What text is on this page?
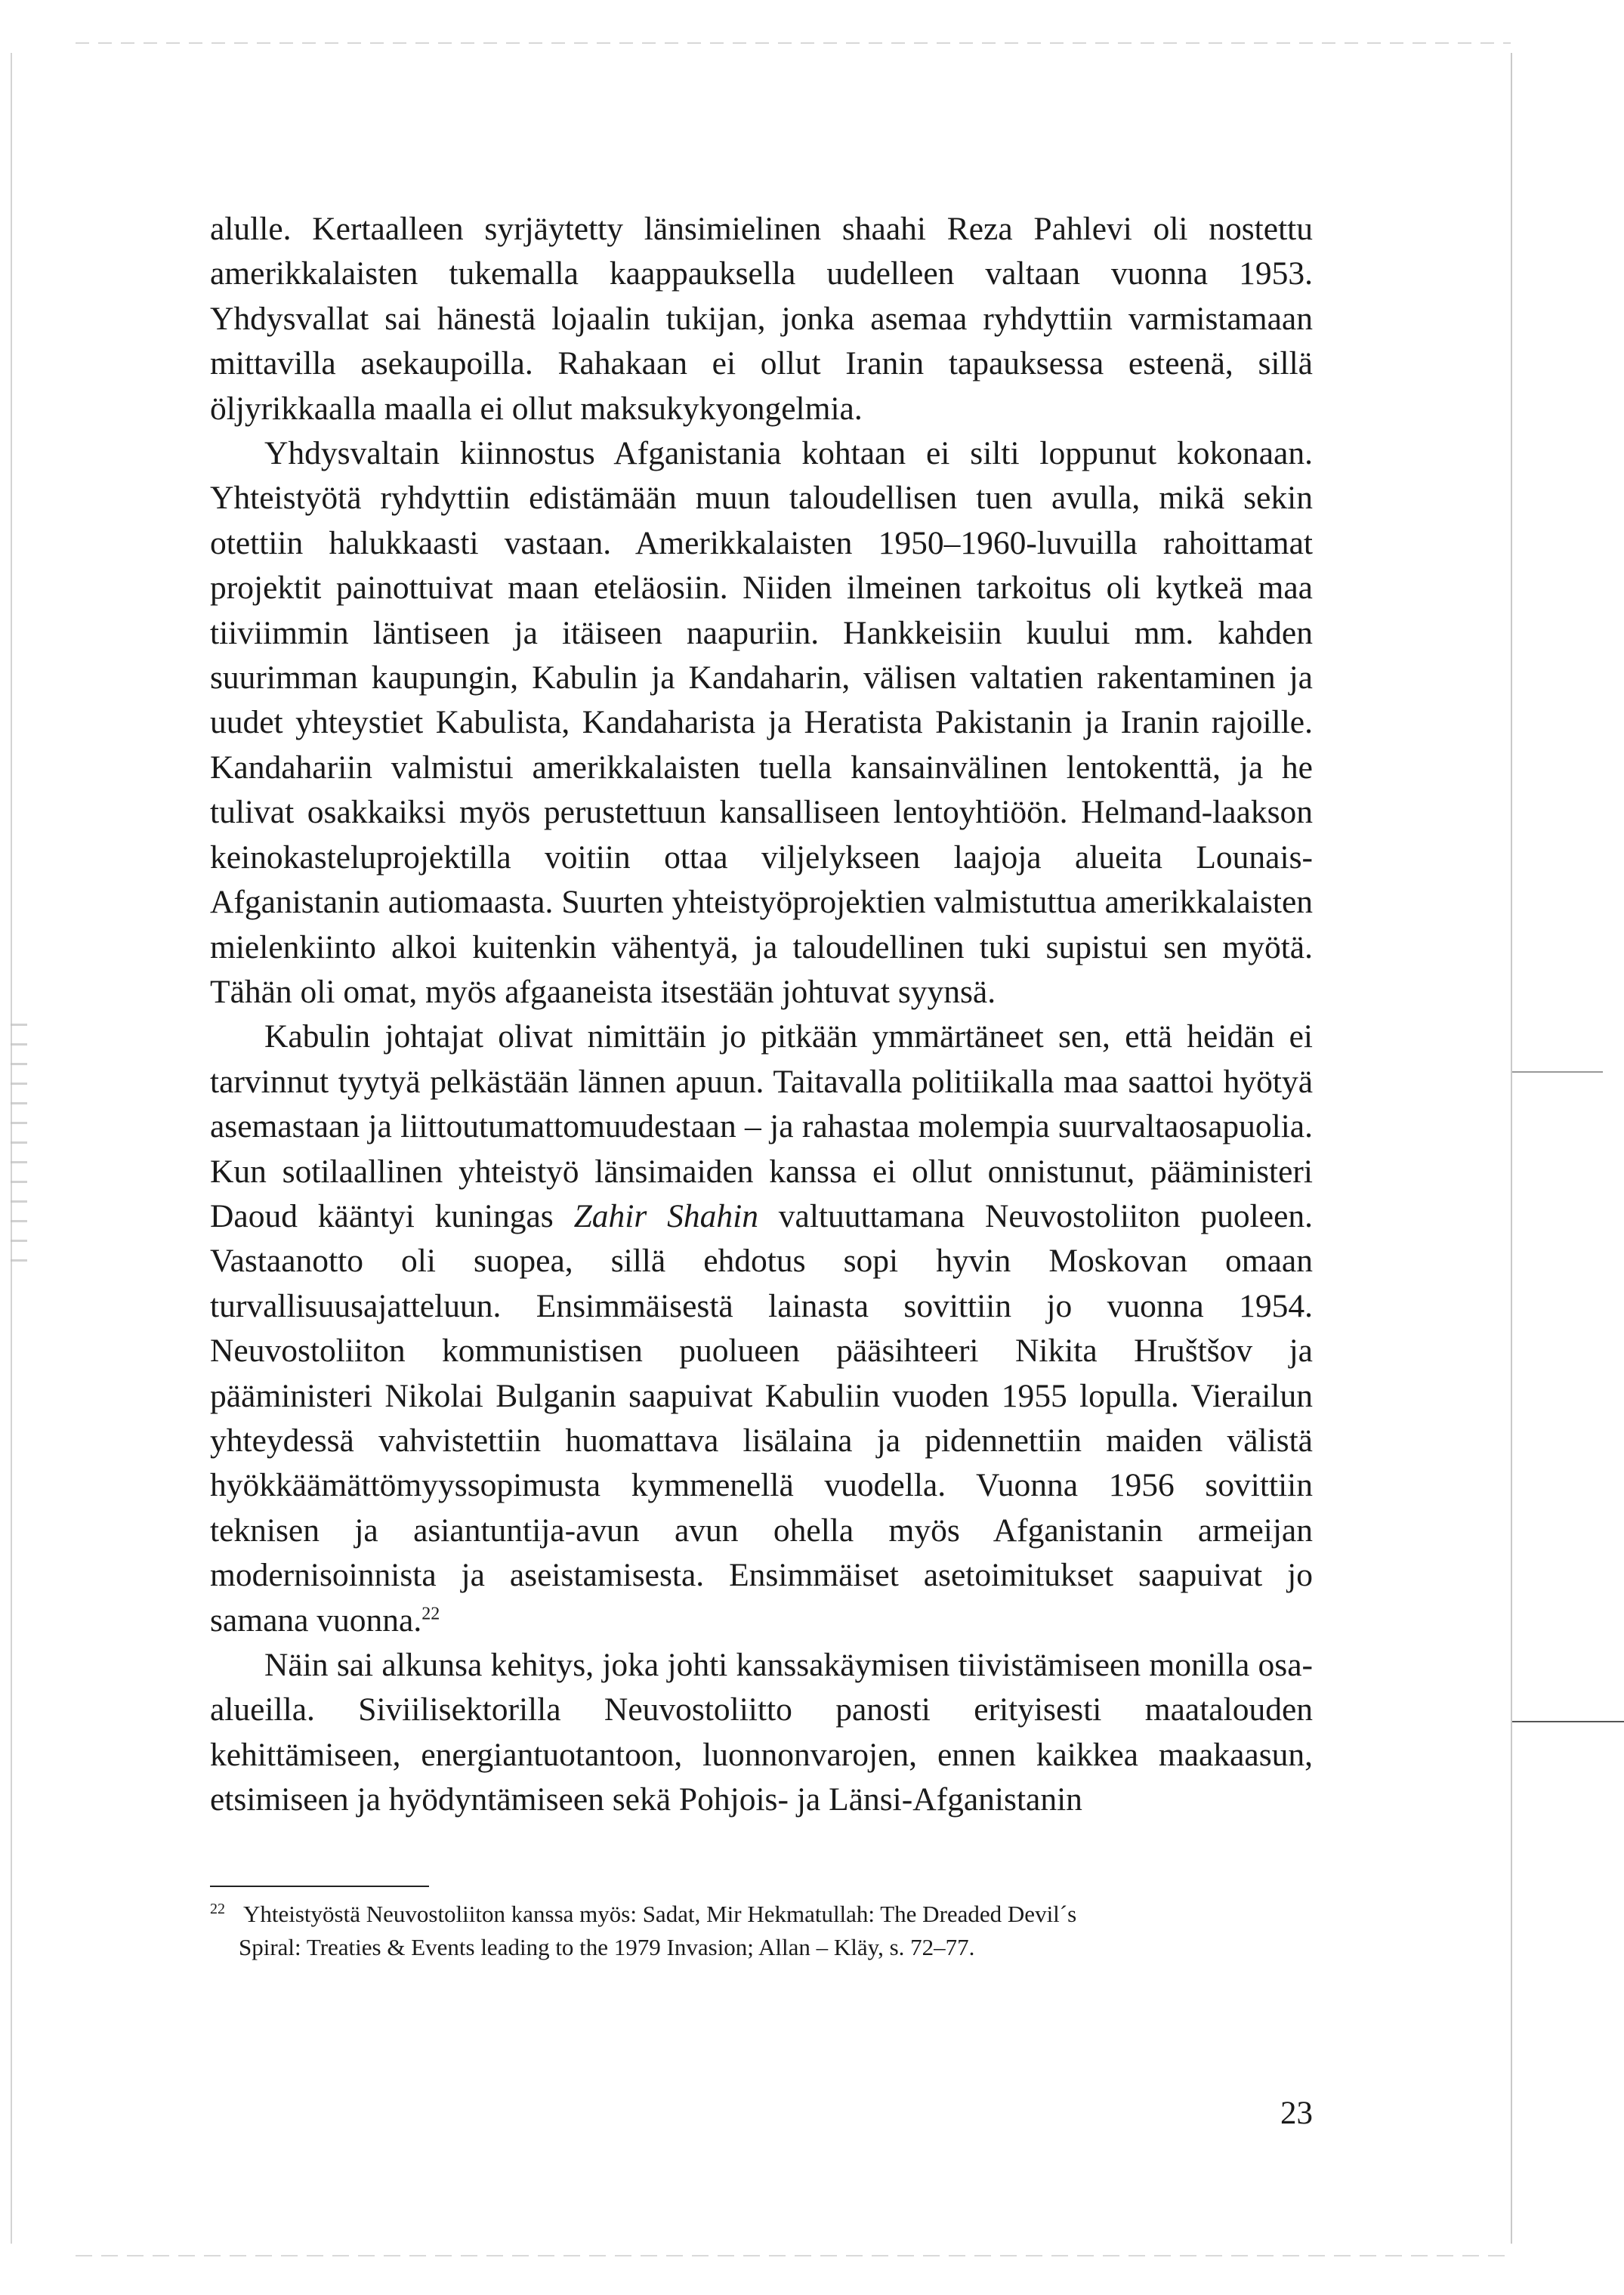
alulle. Kertaalleen syrjäytetty länsimielinen shaahi Reza Pahlevi oli nostettu amerikkalaisten tukemalla kaappauksella uudelleen valtaan vuonna 1953. Yhdysvallat sai hänestä lojaalin tukijan, jonka asemaa ryhdyttiin varmistamaan mittavilla asekaupoilla. Rahakaan ei ollut Iranin tapauksessa esteenä, sillä öljyrikkaalla maalla ei ollut maksukykyongelmia.

Yhdysvaltain kiinnostus Afganistania kohtaan ei silti loppunut kokonaan. Yhteistyötä ryhdyttiin edistämään muun taloudellisen tuen avulla, mikä sekin otettiin halukkaasti vastaan. Amerikkalaisten 1950–1960-luvuilla rahoittamat projektit painottuivat maan eteläosiin. Niiden ilmeinen tarkoitus oli kytkeä maa tiiviimmin läntiseen ja itäiseen naapuriin. Hankkeisiin kuului mm. kahden suurimman kaupungin, Kabulin ja Kandaharin, välisen valtatien rakentaminen ja uudet yhteystiet Kabulista, Kandaharista ja Heratista Pakistanin ja Iranin rajoille. Kandahariin valmistui amerikkalaisten tuella kansainvälinen lentokenttä, ja he tulivat osakkaiksi myös perustettuun kansalliseen lentoyhtiöön. Helmand-laakson keinokasteluprojektilla voitiin ottaa viljelykseen laajoja alueita Lounais-Afganistanin autiomaasta. Suurten yhteistyöprojektien valmistuttua amerikkalaisten mielenkiinto alkoi kuitenkin vähentyä, ja taloudellinen tuki supistui sen myötä. Tähän oli omat, myös afgaaneista itsestään johtuvat syynsä.

Kabulin johtajat olivat nimittäin jo pitkään ymmärtäneet sen, että heidän ei tarvinnut tyytyä pelkästään lännen apuun. Taitavalla politiikalla maa saattoi hyötyä asemastaan ja liittoutumattomuudestaan – ja rahastaa molempia suurvaltaosapuolia. Kun sotilaallinen yhteistyö länsimaiden kanssa ei ollut onnistunut, pääministeri Daoud kääntyi kuningas Zahir Shahin valtuuttamana Neuvostoliiton puoleen. Vastaanotto oli suopea, sillä ehdotus sopi hyvin Moskovan omaan turvallisuusajatteluun. Ensimmäisestä lainasta sovittiin jo vuonna 1954. Neuvostoliiton kommunistisen puolueen pääsihteeri Nikita Hruštšov ja pääministeri Nikolai Bulganin saapuivat Kabuliin vuoden 1955 lopulla. Vierailun yhteydessä vahvistettiin huomattava lisälaina ja pidennettiin maiden välistä hyökkäämättömyyssopimusta kymmenellä vuodella. Vuonna 1956 sovittiin teknisen ja asiantuntija-avun avun ohella myös Afganistanin armeijan modernisoinnista ja aseistamisesta. Ensimmäiset asetoimitukset saapuivat jo samana vuonna.$^{22}$

Näin sai alkunsa kehitys, joka johti kanssakäymisen tiivistämiseen monilla osa-alueilla. Siviilisektorilla Neuvostoliitto panosti erityisesti maatalouden kehittämiseen, energiantuotantoon, luonnonvarojen, ennen kaikkea maakaasun, etsimiseen ja hyödyntämiseen sekä Pohjois- ja Länsi-Afganistanin

$^{22}$ Yhteistyöstä Neuvostoliiton kanssa myös: Sadat, Mir Hekmatullah: The Dreaded Devil´s
Spiral: Treaties & Events leading to the 1979 Invasion; Allan – Kläy, s. 72–77.
23
